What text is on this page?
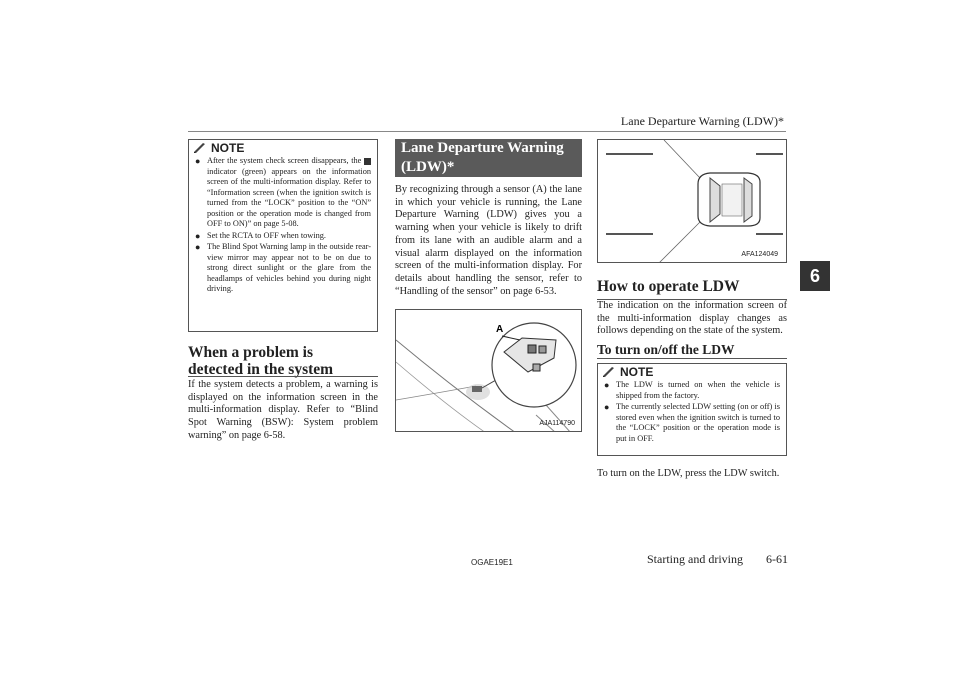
Lane Departure Warning (LDW)*
6
NOTE
● After the system check screen disappears, the  indicator (green) appears on the information screen of the multi-information display. Refer to “Information screen (when the ignition switch is turned from the “LOCK” position to the “ON” position or the operation mode is changed from OFF to ON)” on page 5-08.
● Set the RCTA to OFF when towing.
● The Blind Spot Warning lamp in the outside rear-view mirror may appear not to be on due to strong direct sunlight or the glare from the headlamps of vehicles behind you during night driving.
When a problem is detected in the system
If the system detects a problem, a warning is displayed on the information screen in the multi-information display. Refer to “Blind Spot Warning (BSW): System problem warning” on page 6-58.
Lane Departure Warning (LDW)*
By recognizing through a sensor (A) the lane in which your vehicle is running, the Lane Departure Warning (LDW) gives you a warning when your vehicle is likely to drift from its lane with an audible alarm and a visual alarm displayed on the information screen of the multi-information display. For details about handling the sensor, refer to “Handling of the sensor” on page 6-53.
A
AJA114790
AFA124049
How to operate LDW
The indication on the information screen of the multi-information display changes as follows depending on the state of the system.
To turn on/off the LDW
NOTE
● The LDW is turned on when the vehicle is shipped from the factory.
● The currently selected LDW setting (on or off) is stored even when the ignition switch is turned to the “LOCK” position or the operation mode is put in OFF.
To turn on the LDW, press the LDW switch.
OGAE19E1	Starting and driving 6-61
